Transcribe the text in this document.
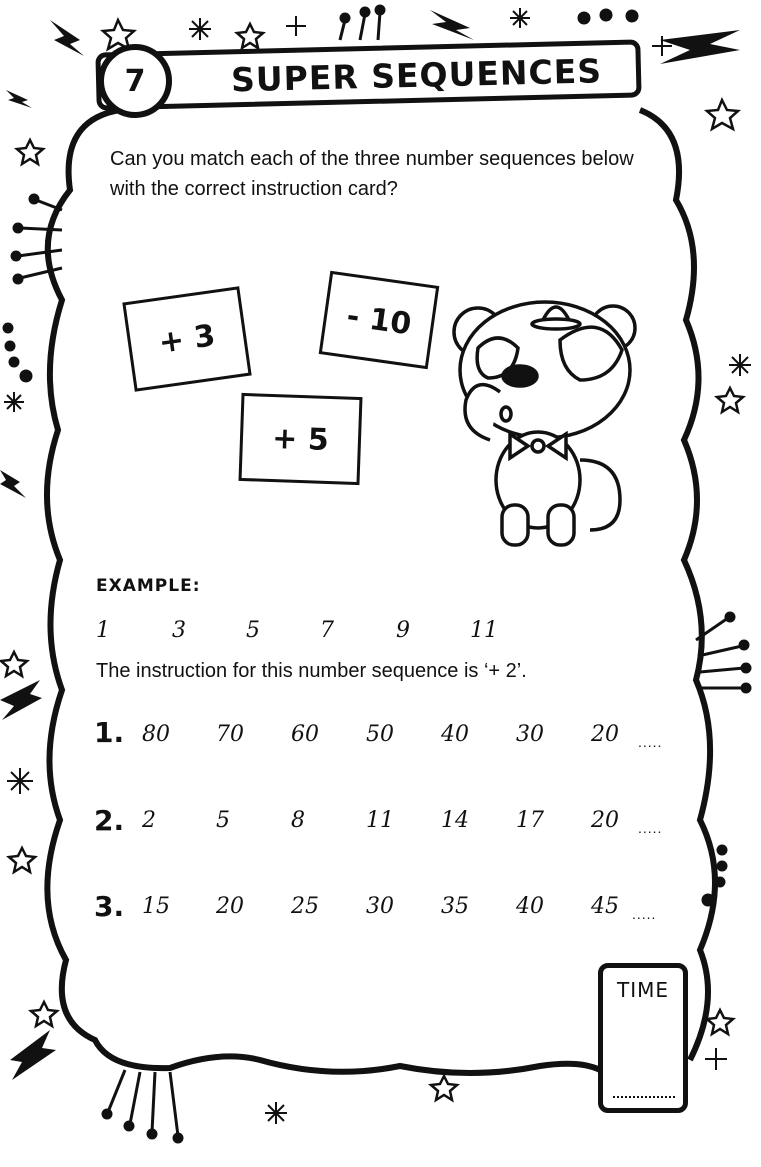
SUPER SEQUENCES
7
Can you match each of the three number sequences below with the correct instruction card?
+ 3	- 10
+ 5
EXAMPLE:
1	3	5	7	9	11
The instruction for this number sequence is ‘+ 2’.
1. 80 70 60 50 40 30 20 .....
2. 2	5	8	11 14 17 20 .....
3. 15 20 25 30 35 40 45 .....
TIME
